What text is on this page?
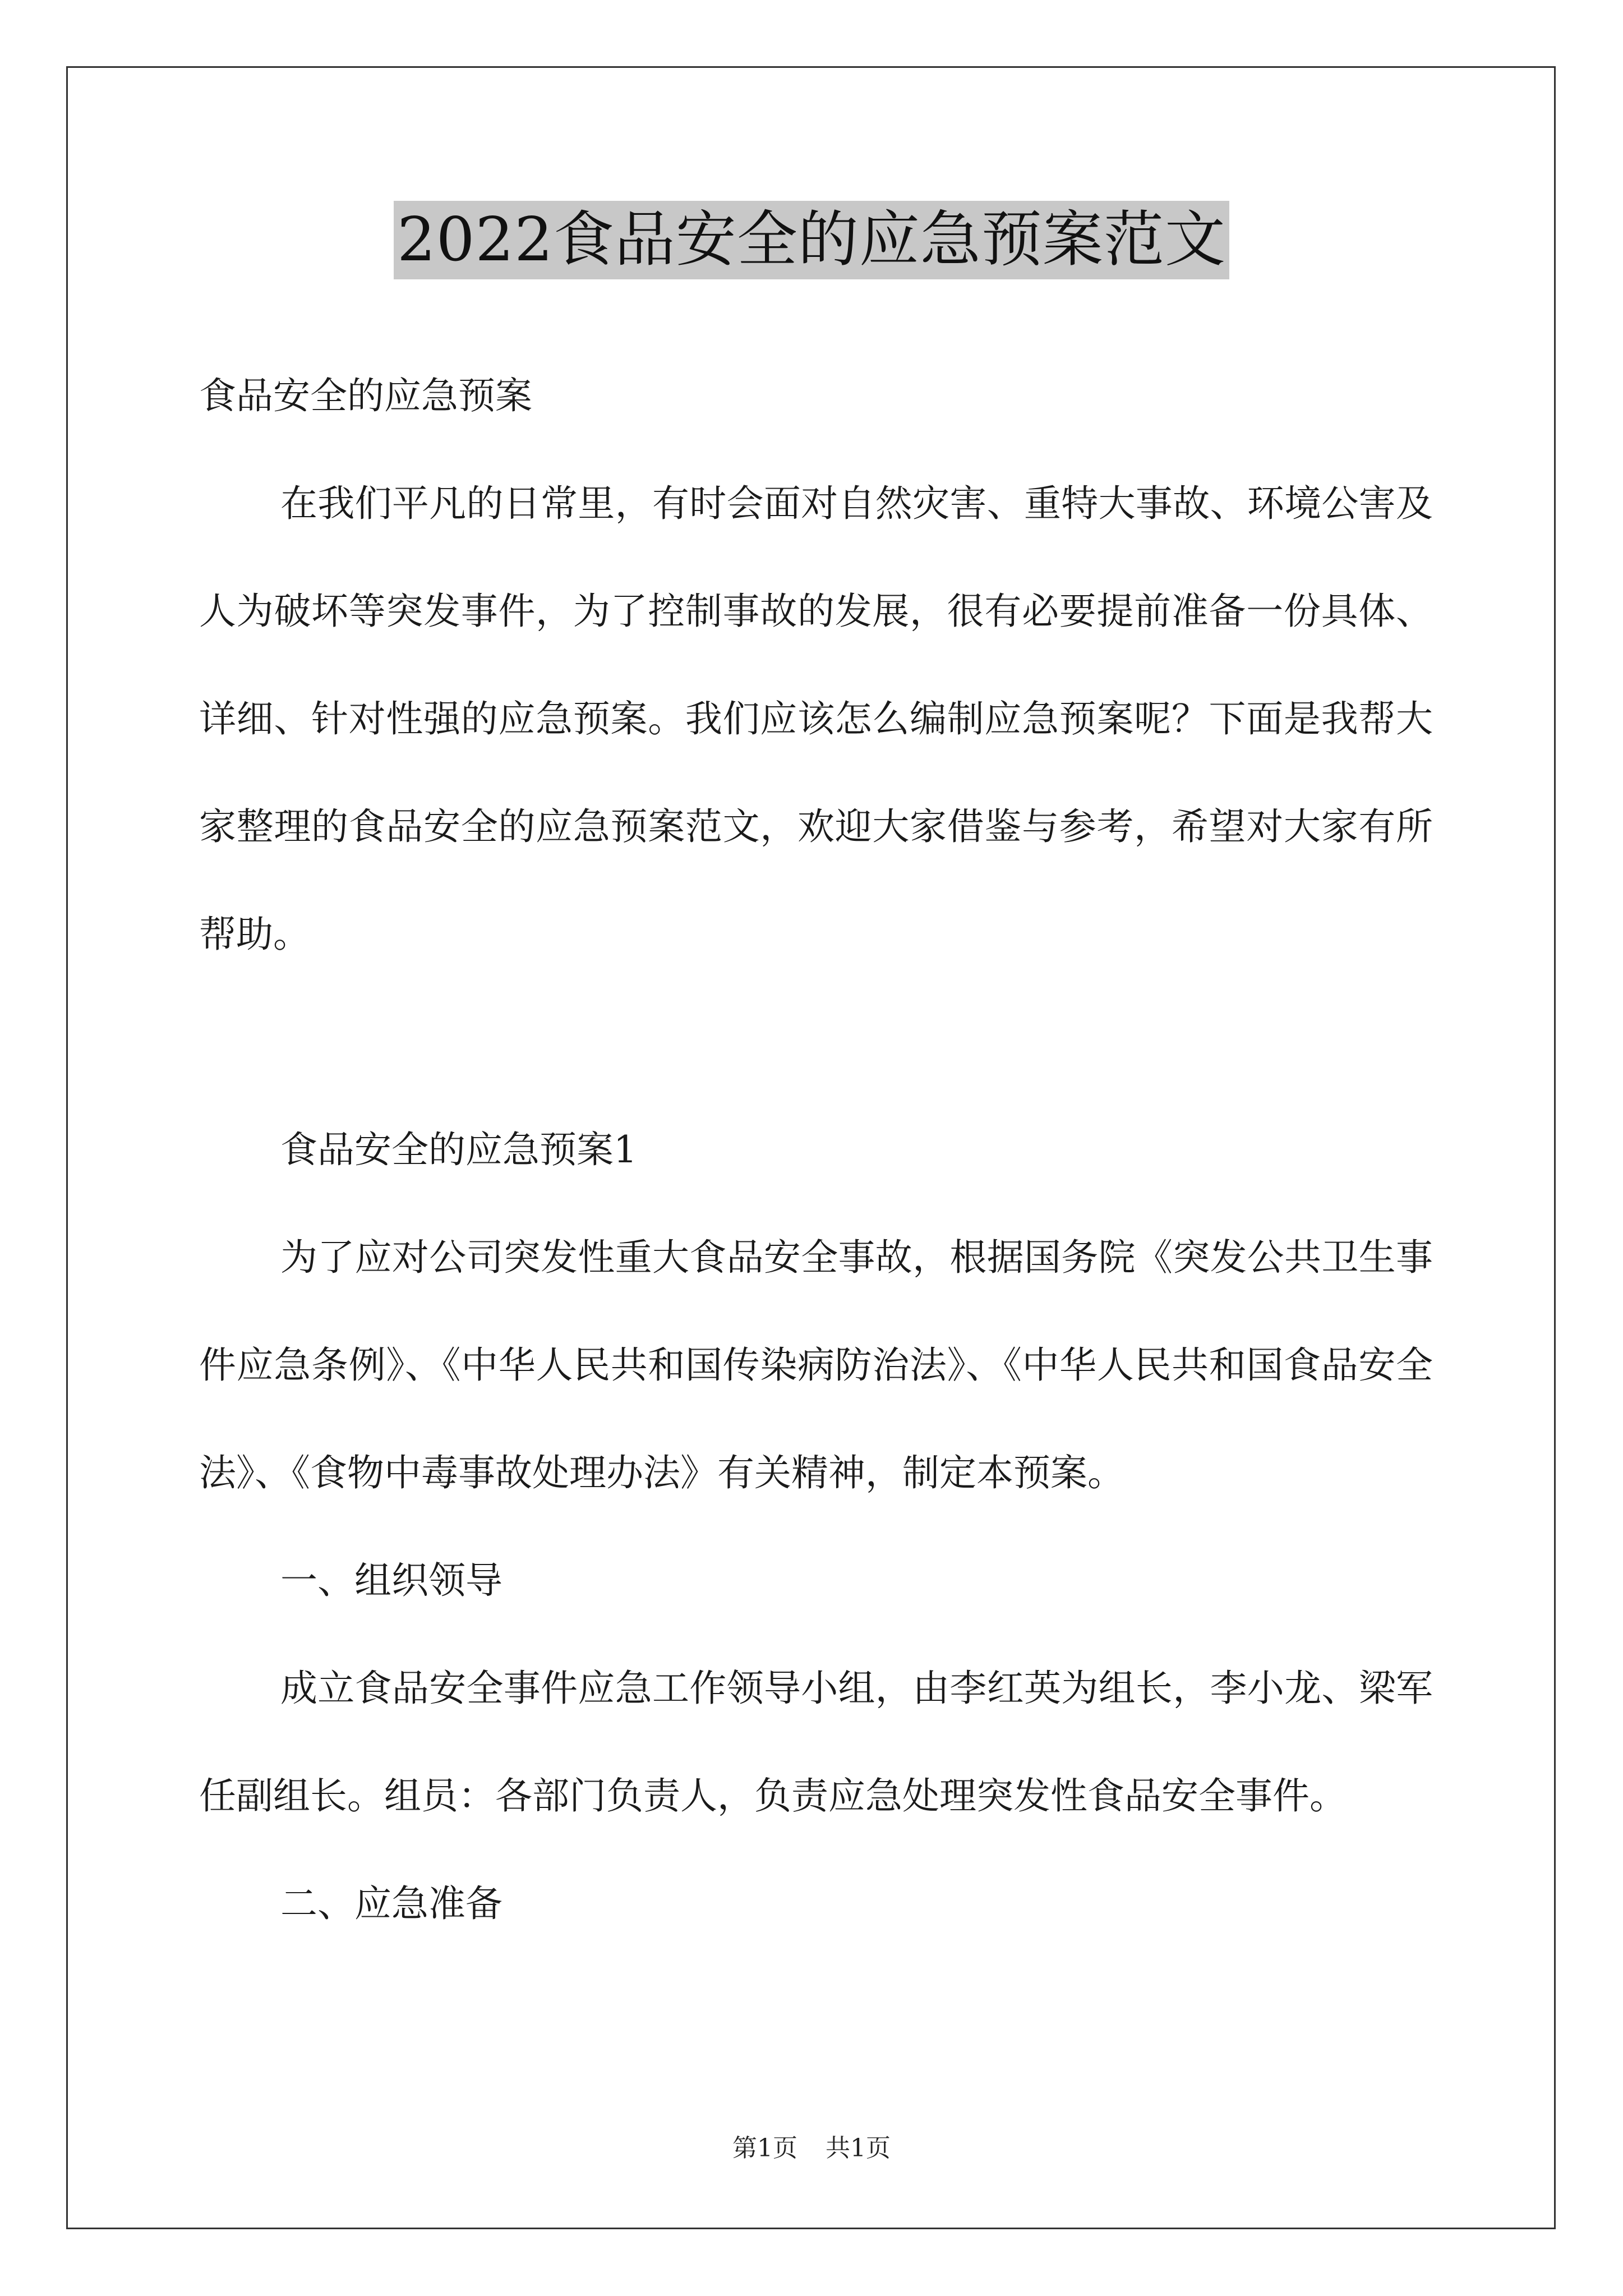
2022食品安全的应急预案范文

食品安全的应急预案

在我们平凡的日常里，有时会面对自然灾害、重特大事故、环境公害及人为破坏等突发事件，为了控制事故的发展，很有必要提前准备一份具体、详细、针对性强的应急预案。我们应该怎么编制应急预案呢？下面是我帮大家整理的食品安全的应急预案范文，欢迎大家借鉴与参考，希望对大家有所帮助。

食品安全的应急预案1

为了应对公司突发性重大食品安全事故，根据国务院《突发公共卫生事件应急条例》、《中华人民共和国传染病防治法》、《中华人民共和国食品安全法》、《食物中毒事故处理办法》有关精神，制定本预案。

一、组织领导

成立食品安全事件应急工作领导小组，由李红英为组长，李小龙、梁军任副组长。组员：各部门负责人，负责应急处理突发性食品安全事件。

二、应急准备

第1页 共1页
